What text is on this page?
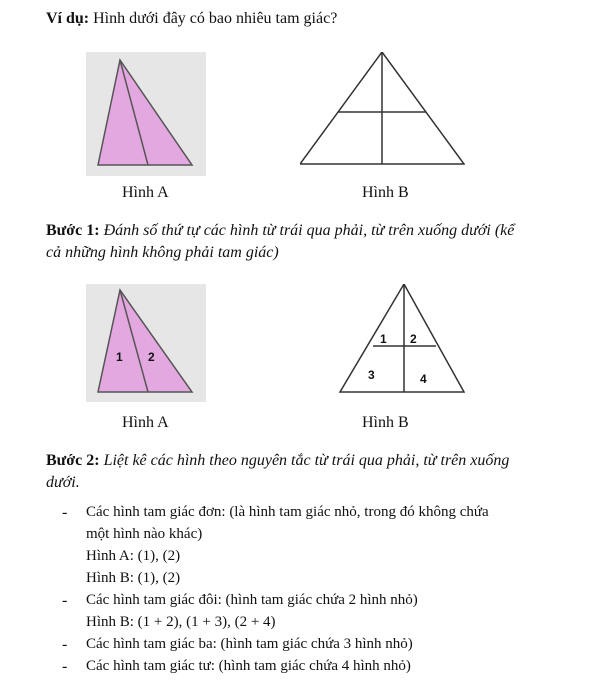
Ví dụ: Hình dưới đây có bao nhiêu tam giác?
Hình A	Hình B
Bước 1: Đánh số thứ tự các hình từ trái qua phải, từ trên xuống dưới (kể
cả những hình không phải tam giác)
1 2
1 2
3	4
Hình A	Hình B
Bước 2: Liệt kê các hình theo nguyên tắc từ trái qua phải, từ trên xuống
dưới.
- Các hình tam giác đơn: (là hình tam giác nhỏ, trong đó không chứa
một hình nào khác)
Hình A: (1), (2)
Hình B: (1), (2)
- Các hình tam giác đôi: (hình tam giác chứa 2 hình nhỏ)
Hình B: (1 + 2), (1 + 3), (2 + 4)
- Các hình tam giác ba: (hình tam giác chứa 3 hình nhỏ)
- Các hình tam giác tư: (hình tam giác chứa 4 hình nhỏ)
